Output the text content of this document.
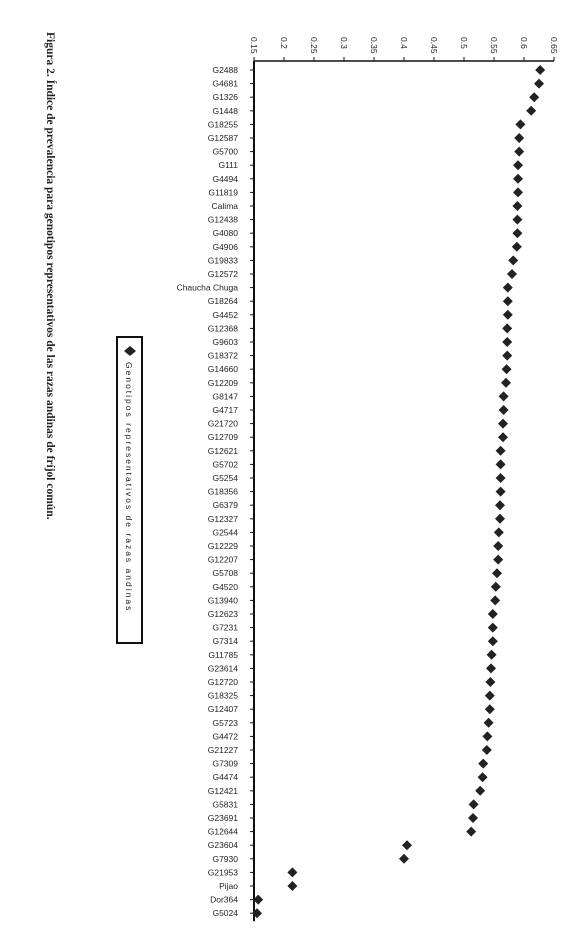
Figura 2. Índice de prevalencia para genotipos representativos de las razas andinas de fríjol común.	Genotipos representativos de razas andinas
0.15 0.2 0.25 0.3 0.35 0.4 0.45 0.5 0.55 0.6 0.65
G2488
G4681
G1326
G1448
G18255
G12587
G5700
G111
G4494
G11819
Calima
G12438
G4080
G4906
G19833
G12572
Chaucha Chuga
G18264
G4452
G12368
G9603
G18372
G14660
G12209
G8147
G4717
G21720
G12709
G12621
G5702
G5254
G18356
G6379
G12327
G2544
G12229
G12207
G5708
G4520
G13940
G12623
G7231
G7314
G11785
G23614
G12720
G18325
G12407
G5723
G4472
G21227
G7309
G4474
G12421
G5831
G23691
G12644
G23604
G7930
G21953
Pijao
Dor364
G5024
